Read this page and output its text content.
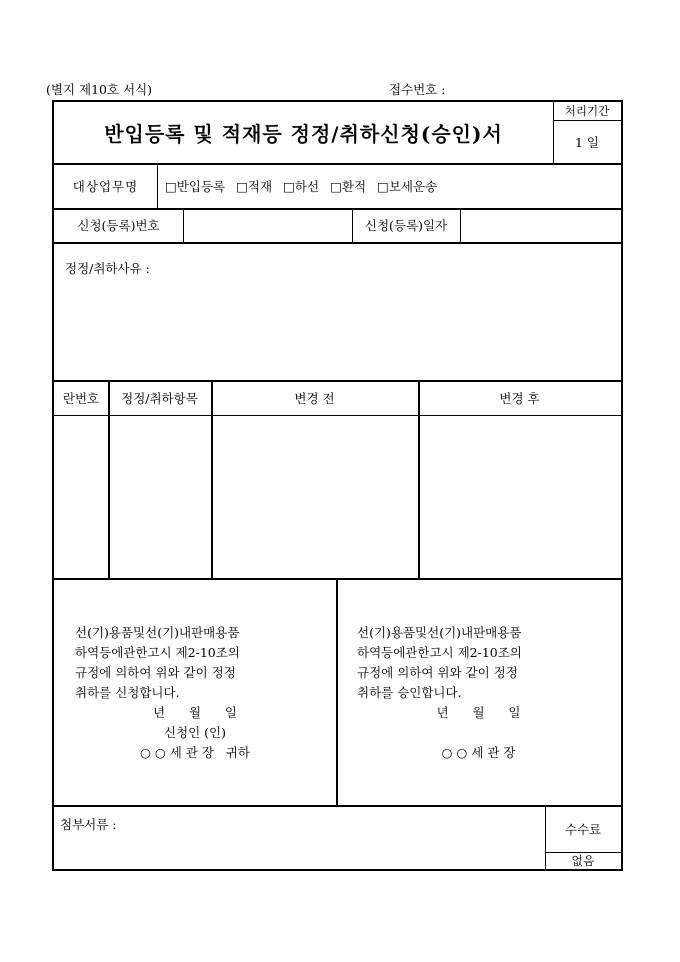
(별지 제10호 서식)	접수번호 :
반입등록 및 적재등 정정/취하신청(승인)서
처리기간
1 일
대상업무명	□반입등록 □적재 □하선 □환적 □보세운송
신청(등록)번호	신청(등록)일자
정정/취하사유 :
란번호	정정/취하항목	변경 전	변경 후
선(기)용품및선(기)내판매용품
하역등에관한고시 제2-10조의
규정에 의하여 위와 같이 정정
취하를 신청합니다.
년      월      일
신청인 (인)
○ ○ 세 관 장   귀하
선(기)용품및선(기)내판매용품
하역등에관한고시 제2-10조의
규정에 의하여 위와 같이 정정
취하를 승인합니다.
년      월      일
○ ○ 세 관 장
첨부서류 :	수수료
없음
